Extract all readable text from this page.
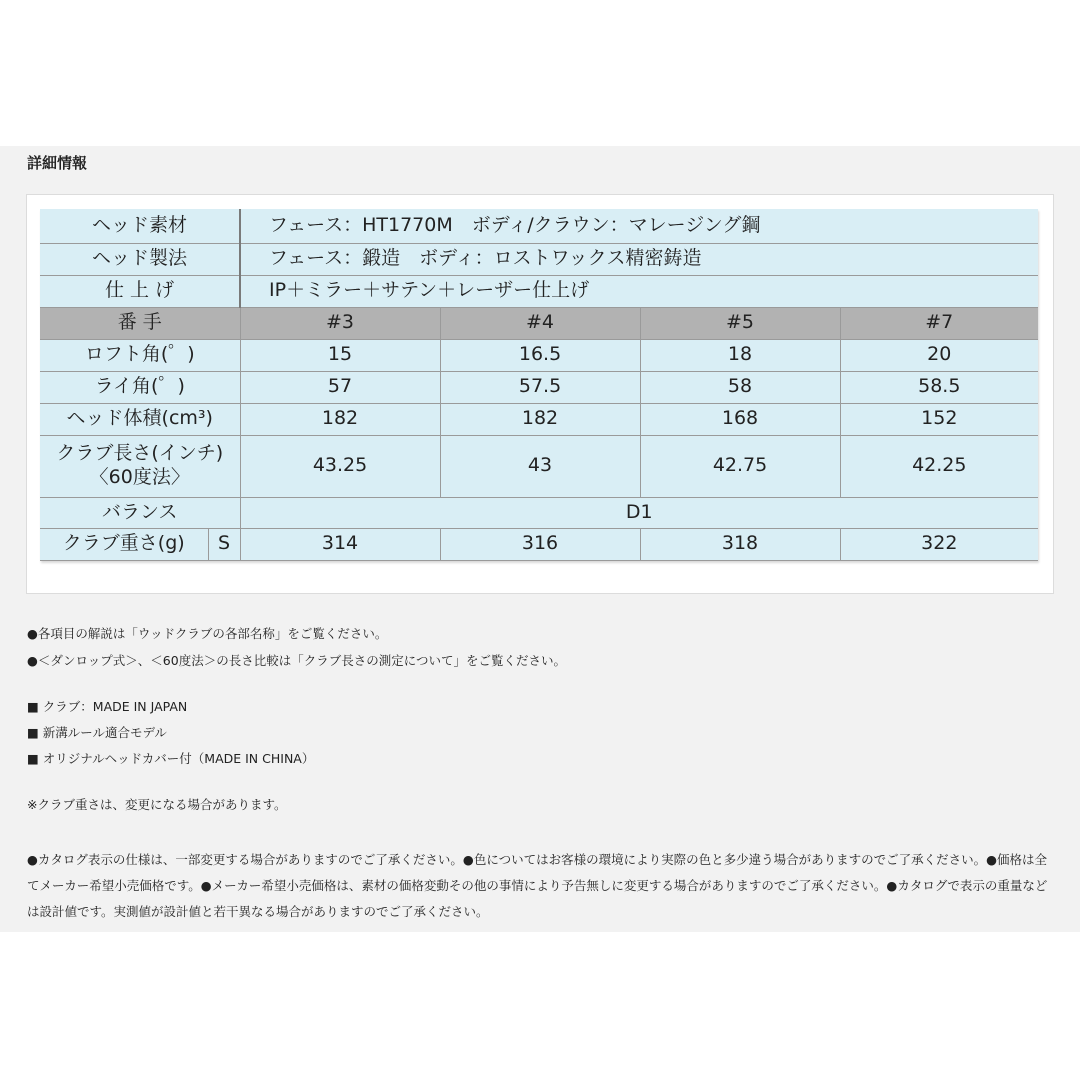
詳細情報
ヘッド素材		フェース：HT1770M　ボディ/クラウン：マレージング鋼			
ヘッド製法		フェース：鍛造　ボディ：ロストワックス精密鋳造			
仕 上 げ		IP＋ミラー＋サテン＋レーザー仕上げ			
番 手		#3	#4	#5	#7
ロフト角(゜)		15	16.5	18	20
ライ角(゜)		57	57.5	58	58.5
ヘッド体積(cm³)		182	182	168	152

クラブ長さ(インチ)
〈60度法〉		43.25	43	42.75	42.25
バランス		D1			
クラブ重さ(g)	S	314	316	318	322
●各項目の解説は「ウッドクラブの各部名称」をご覧ください。
●＜ダンロップ式＞、＜60度法＞の長さ比較は「クラブ長さの測定について」をご覧ください。
■ クラブ：MADE IN JAPAN
■ 新溝ルール適合モデル
■ オリジナルヘッドカバー付（MADE IN CHINA）
※クラブ重さは、変更になる場合があります。
●カタログ表示の仕様は、一部変更する場合がありますのでご了承ください。●色についてはお客様の環境により実際の色と多少違う場合がありますのでご了承ください。●価格は全てメーカー希望小売価格です。●メーカー希望小売価格は、素材の価格変動その他の事情により予告無しに変更する場合がありますのでご了承ください。●カタログで表示の重量などは設計値です。実測値が設計値と若干異なる場合がありますのでご了承ください。
